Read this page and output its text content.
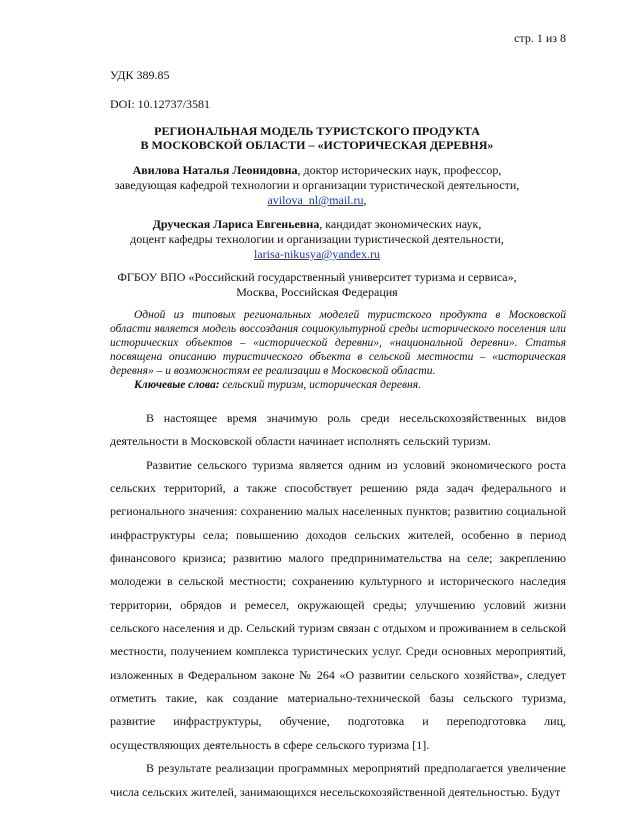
стр. 1 из 8
УДК 389.85
DOI: 10.12737/3581
РЕГИОНАЛЬНАЯ МОДЕЛЬ ТУРИСТСКОГО ПРОДУКТА
В МОСКОВСКОЙ ОБЛАСТИ – «ИСТОРИЧЕСКАЯ ДЕРЕВНЯ»
Авилова Наталья Леонидовна, доктор исторических наук, профессор,
заведующая кафедрой технологии и организации туристической деятельности,
avilova_nl@mail.ru,
Друческая Лариса Евгеньевна, кандидат экономических наук,
доцент кафедры технологии и организации туристической деятельности,
larisa-nikusya@yandex.ru
ФГБОУ ВПО «Российский государственный университет туризма и сервиса»,
Москва, Российская Федерация
Одной из типовых региональных моделей туристского продукта в Московской области является модель воссоздания социокультурной среды исторического поселения или исторических объектов – «исторической деревни», «национальной деревни». Статья посвящена описанию туристического объекта в сельской местности – «историческая деревня» – и возможностям ее реализации в Московской области.
Ключевые слова: сельский туризм, историческая деревня.

В настоящее время значимую роль среди несельскохозяйственных видов деятельности в Московской области начинает исполнять сельский туризм.

Развитие сельского туризма является одним из условий экономического роста сельских территорий, а также способствует решению ряда задач федерального и регионального значения: сохранению малых населенных пунктов; развитию социальной инфраструктуры села; повышению доходов сельских жителей, особенно в период финансового кризиса; развитию малого предпринимательства на селе; закреплению молодежи в сельской местности; сохранению культурного и исторического наследия территории, обрядов и ремесел, окружающей среды; улучшению условий жизни сельского населения и др. Сельский туризм связан с отдыхом и проживанием в сельской местности, получением комплекса туристических услуг. Среди основных мероприятий, изложенных в Федеральном законе № 264 «О развитии сельского хозяйства», следует отметить такие, как создание материально-технической базы сельского туризма, развитие инфраструктуры, обучение, подготовка и переподготовка лиц, осуществляющих деятельность в сфере сельского туризма [1].

В результате реализации программных мероприятий предполагается увеличение числа сельских жителей, занимающихся несельскохозяйственной деятельностью. Будут
